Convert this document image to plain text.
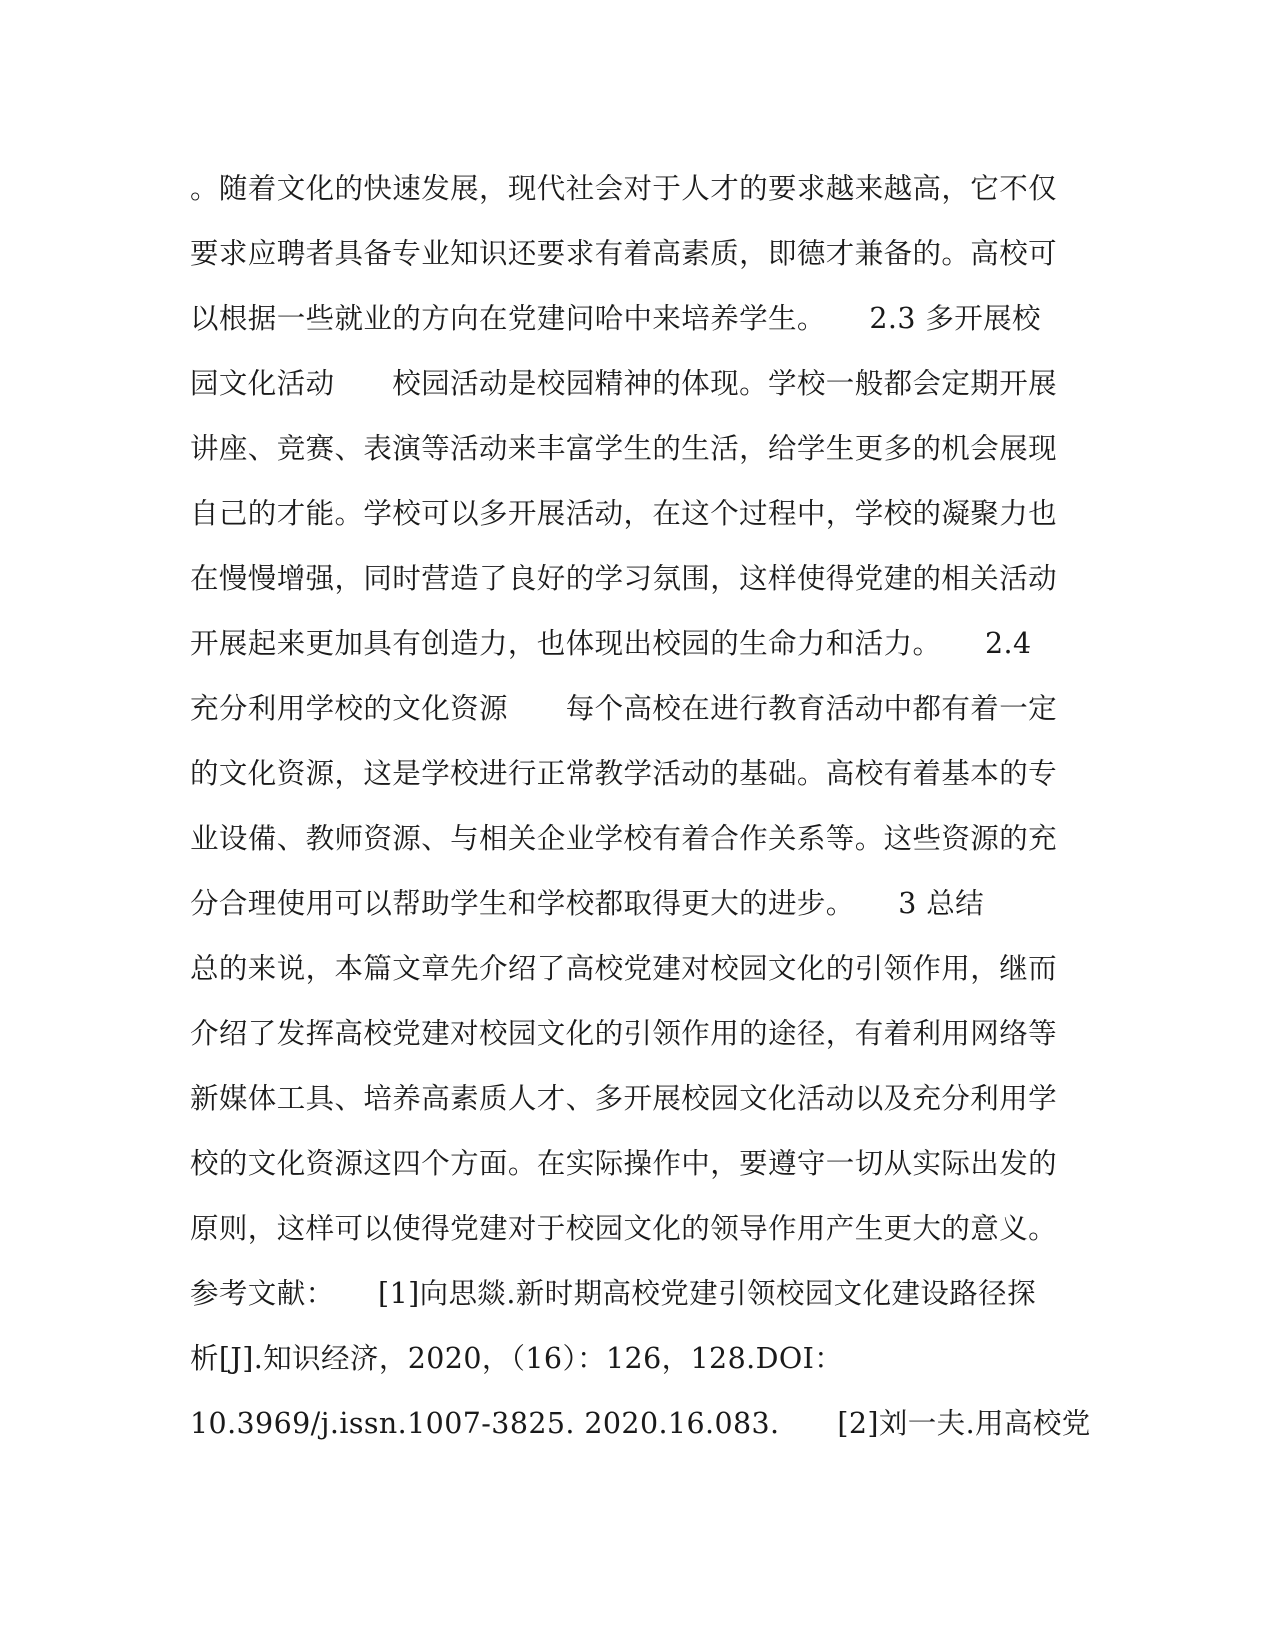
。随着文化的快速发展，现代社会对于人才的要求越来越高，它不仅
要求应聘者具备专业知识还要求有着高素质，即德才兼备的。高校可
以根据一些就业的方向在党建问哈中来培养学生。　　2.3 多开展校
园文化活动　　校园活动是校园精神的体现。学校一般都会定期开展
讲座、竞赛、表演等活动来丰富学生的生活，给学生更多的机会展现
自己的才能。学校可以多开展活动，在这个过程中，学校的凝聚力也
在慢慢增强，同时营造了良好的学习氛围，这样使得党建的相关活动
开展起来更加具有创造力，也体现出校园的生命力和活力。　　2.4
充分利用学校的文化资源　　每个高校在进行教育活动中都有着一定
的文化资源，这是学校进行正常教学活动的基础。高校有着基本的专
业设備、教师资源、与相关企业学校有着合作关系等。这些资源的充
分合理使用可以帮助学生和学校都取得更大的进步。　　3 总结
总的来说，本篇文章先介绍了高校党建对校园文化的引领作用，继而
介绍了发挥高校党建对校园文化的引领作用的途径，有着利用网络等
新媒体工具、培养高素质人才、多开展校园文化活动以及充分利用学
校的文化资源这四个方面。在实际操作中，要遵守一切从实际出发的
原则，这样可以使得党建对于校园文化的领导作用产生更大的意义。
参考文献：　　[1]向思燚.新时期高校党建引领校园文化建设路径探
析[J].知识经济，2020，（16）：126，128.DOI：
10.3969/j.issn.1007-3825. 2020.16.083.　　[2]刘一夫.用高校党
